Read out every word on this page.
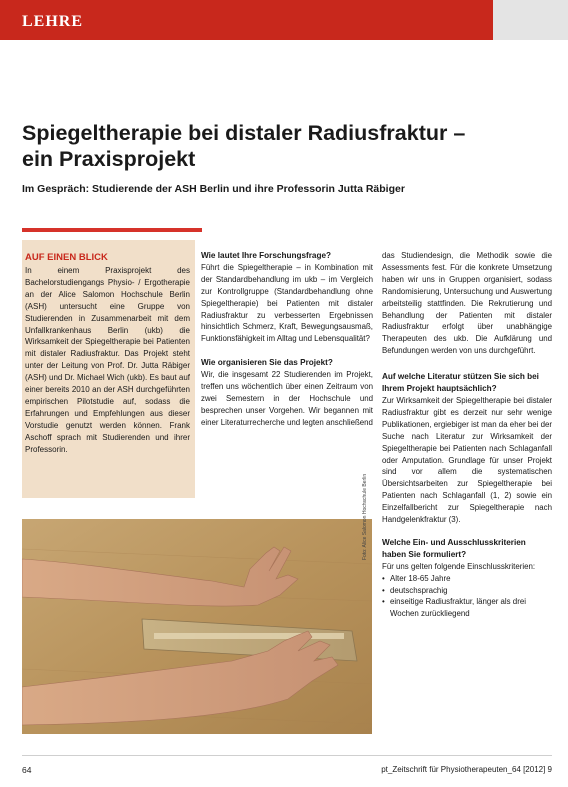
LEHRE
Spiegeltherapie bei distaler Radiusfraktur –
ein Praxisprojekt

Im Gespräch: Studierende der ASH Berlin und ihre Professorin Jutta Räbiger

AUF EINEN BLICK

In einem Praxisprojekt des Bachelorstudiengangs Physio- / Ergotherapie an der Alice Salomon Hochschule Berlin (ASH) untersucht eine Gruppe von Studierenden in Zusammenarbeit mit dem Unfallkrankenhaus Berlin (ukb) die Wirksamkeit der Spiegeltherapie bei Patienten mit distaler Radiusfraktur. Das Projekt steht unter der Leitung von Prof. Dr. Jutta Räbiger (ASH) und Dr. Michael Wich (ukb). Es baut auf einer bereits 2010 an der ASH durchgeführten empirischen Pilotstudie auf, sodass die Erfahrungen und Empfehlungen aus dieser Vorstudie genutzt werden können. Frank Aschoff sprach mit Studierenden und ihrer Professorin.

Wie lautet Ihre Forschungsfrage?

Führt die Spiegeltherapie – in Kombination mit der Standardbehandlung im ukb – im Vergleich zur Kontrollgruppe (Standardbehandlung ohne Spiegeltherapie) bei Patienten mit distaler Radiusfraktur zu verbesserten Ergebnissen hinsichtlich Schmerz, Kraft, Bewegungsausmaß, Funktionsfähigkeit im Alltag und Lebensqualität?

Wie organisieren Sie das Projekt?

Wir, die insgesamt 22 Studierenden im Projekt, treffen uns wöchentlich über einen Zeitraum von zwei Semestern in der Hochschule und besprechen unser Vorgehen. Wir begannen mit einer Literaturrecherche und legten anschließend

das Studiendesign, die Methodik sowie die Assessments fest. Für die konkrete Umsetzung haben wir uns in Gruppen organisiert, sodass Randomisierung, Untersuchung und Auswertung arbeitsteilig stattfinden. Die Rekrutierung und Behandlung der Patienten mit distaler Radiusfraktur erfolgt über unabhängige Therapeuten des ukb. Die Aufklärung und Befundungen werden von uns durchgeführt.

Auf welche Literatur stützen Sie sich bei Ihrem Projekt hauptsächlich?

Zur Wirksamkeit der Spiegeltherapie bei distaler Radiusfraktur gibt es derzeit nur sehr wenige Publikationen, ergiebiger ist man da eher bei der Suche nach Literatur zur Wirksamkeit der Spiegeltherapie bei Patienten nach Schlaganfall oder Amputation. Grundlage für unser Projekt sind vor allem die systematischen Übersichtsarbeiten zur Spiegeltherapie bei Patienten nach Schlaganfall (1, 2) sowie ein Einzelfallbericht zur Spiegeltherapie nach Handgelenkfraktur (3).

Welche Ein- und Ausschlusskriterien haben Sie formuliert?

Für uns gelten folgende Einschlusskriterien:

• Alter 18-65 Jahre
• deutschsprachig
• einseitige Radiusfraktur, länger als drei Wochen zurückliegend
Foto: Alice Salomon Hochschule Berlin
64	pt_Zeitschrift für Physiotherapeuten_64 [2012] 9
